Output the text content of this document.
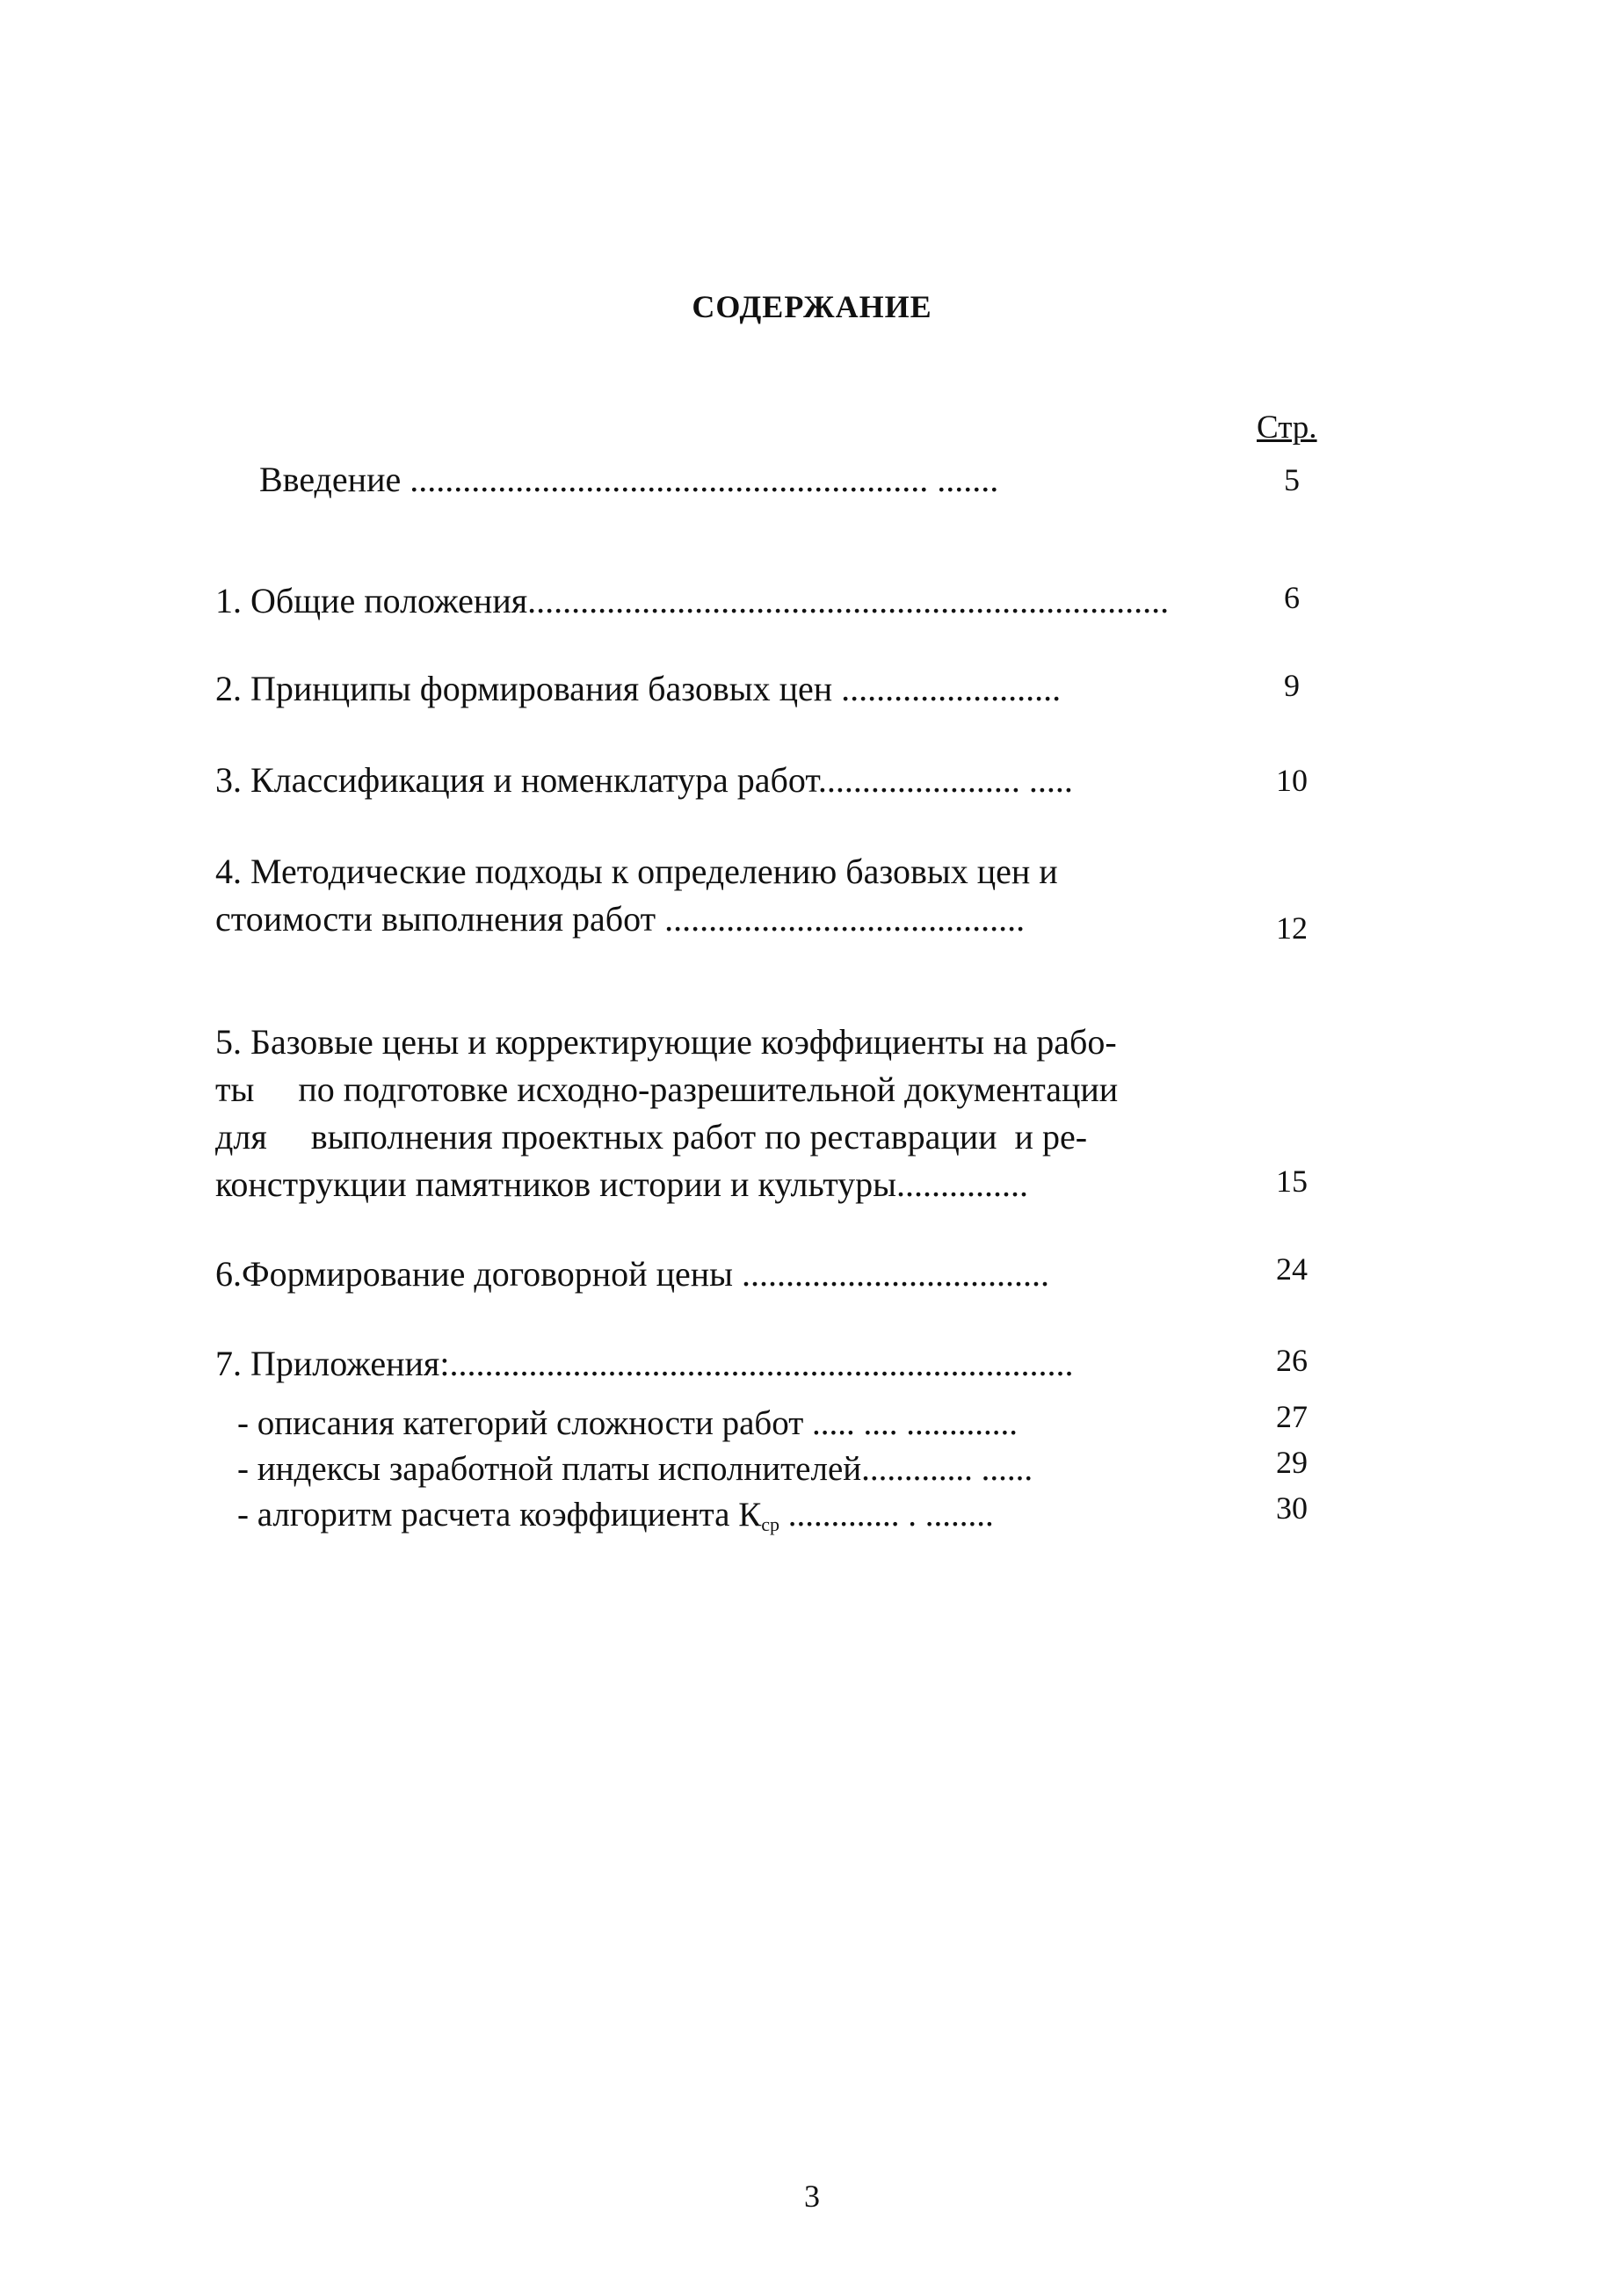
СОДЕРЖАНИЕ
Стр.
Введение ........................................................... .......	5
1. Общие положения.........................................................................	6
2. Принципы формирования базовых цен .........................	9
3. Классификация и номенклатура работ....................... .....	10
4. Методические подходы к определению базовых цен и
стоимости выполнения работ .........................................	12
5. Базовые цены и корректирующие коэффициенты на рабо-
ты     по подготовке исходно-разрешительной документации
для     выполнения проектных работ по реставрации  и ре-
конструкции памятников истории и культуры...............	15
6.Формирование договорной цены ...................................	24
7. Приложения:.......................................................................	26
- описания категорий сложности работ ..... .... .............	27
- индексы заработной платы исполнителей............. ......	29
- алгоритм расчета коэффициента $К_{ср}$ ............. . ........	30
3
